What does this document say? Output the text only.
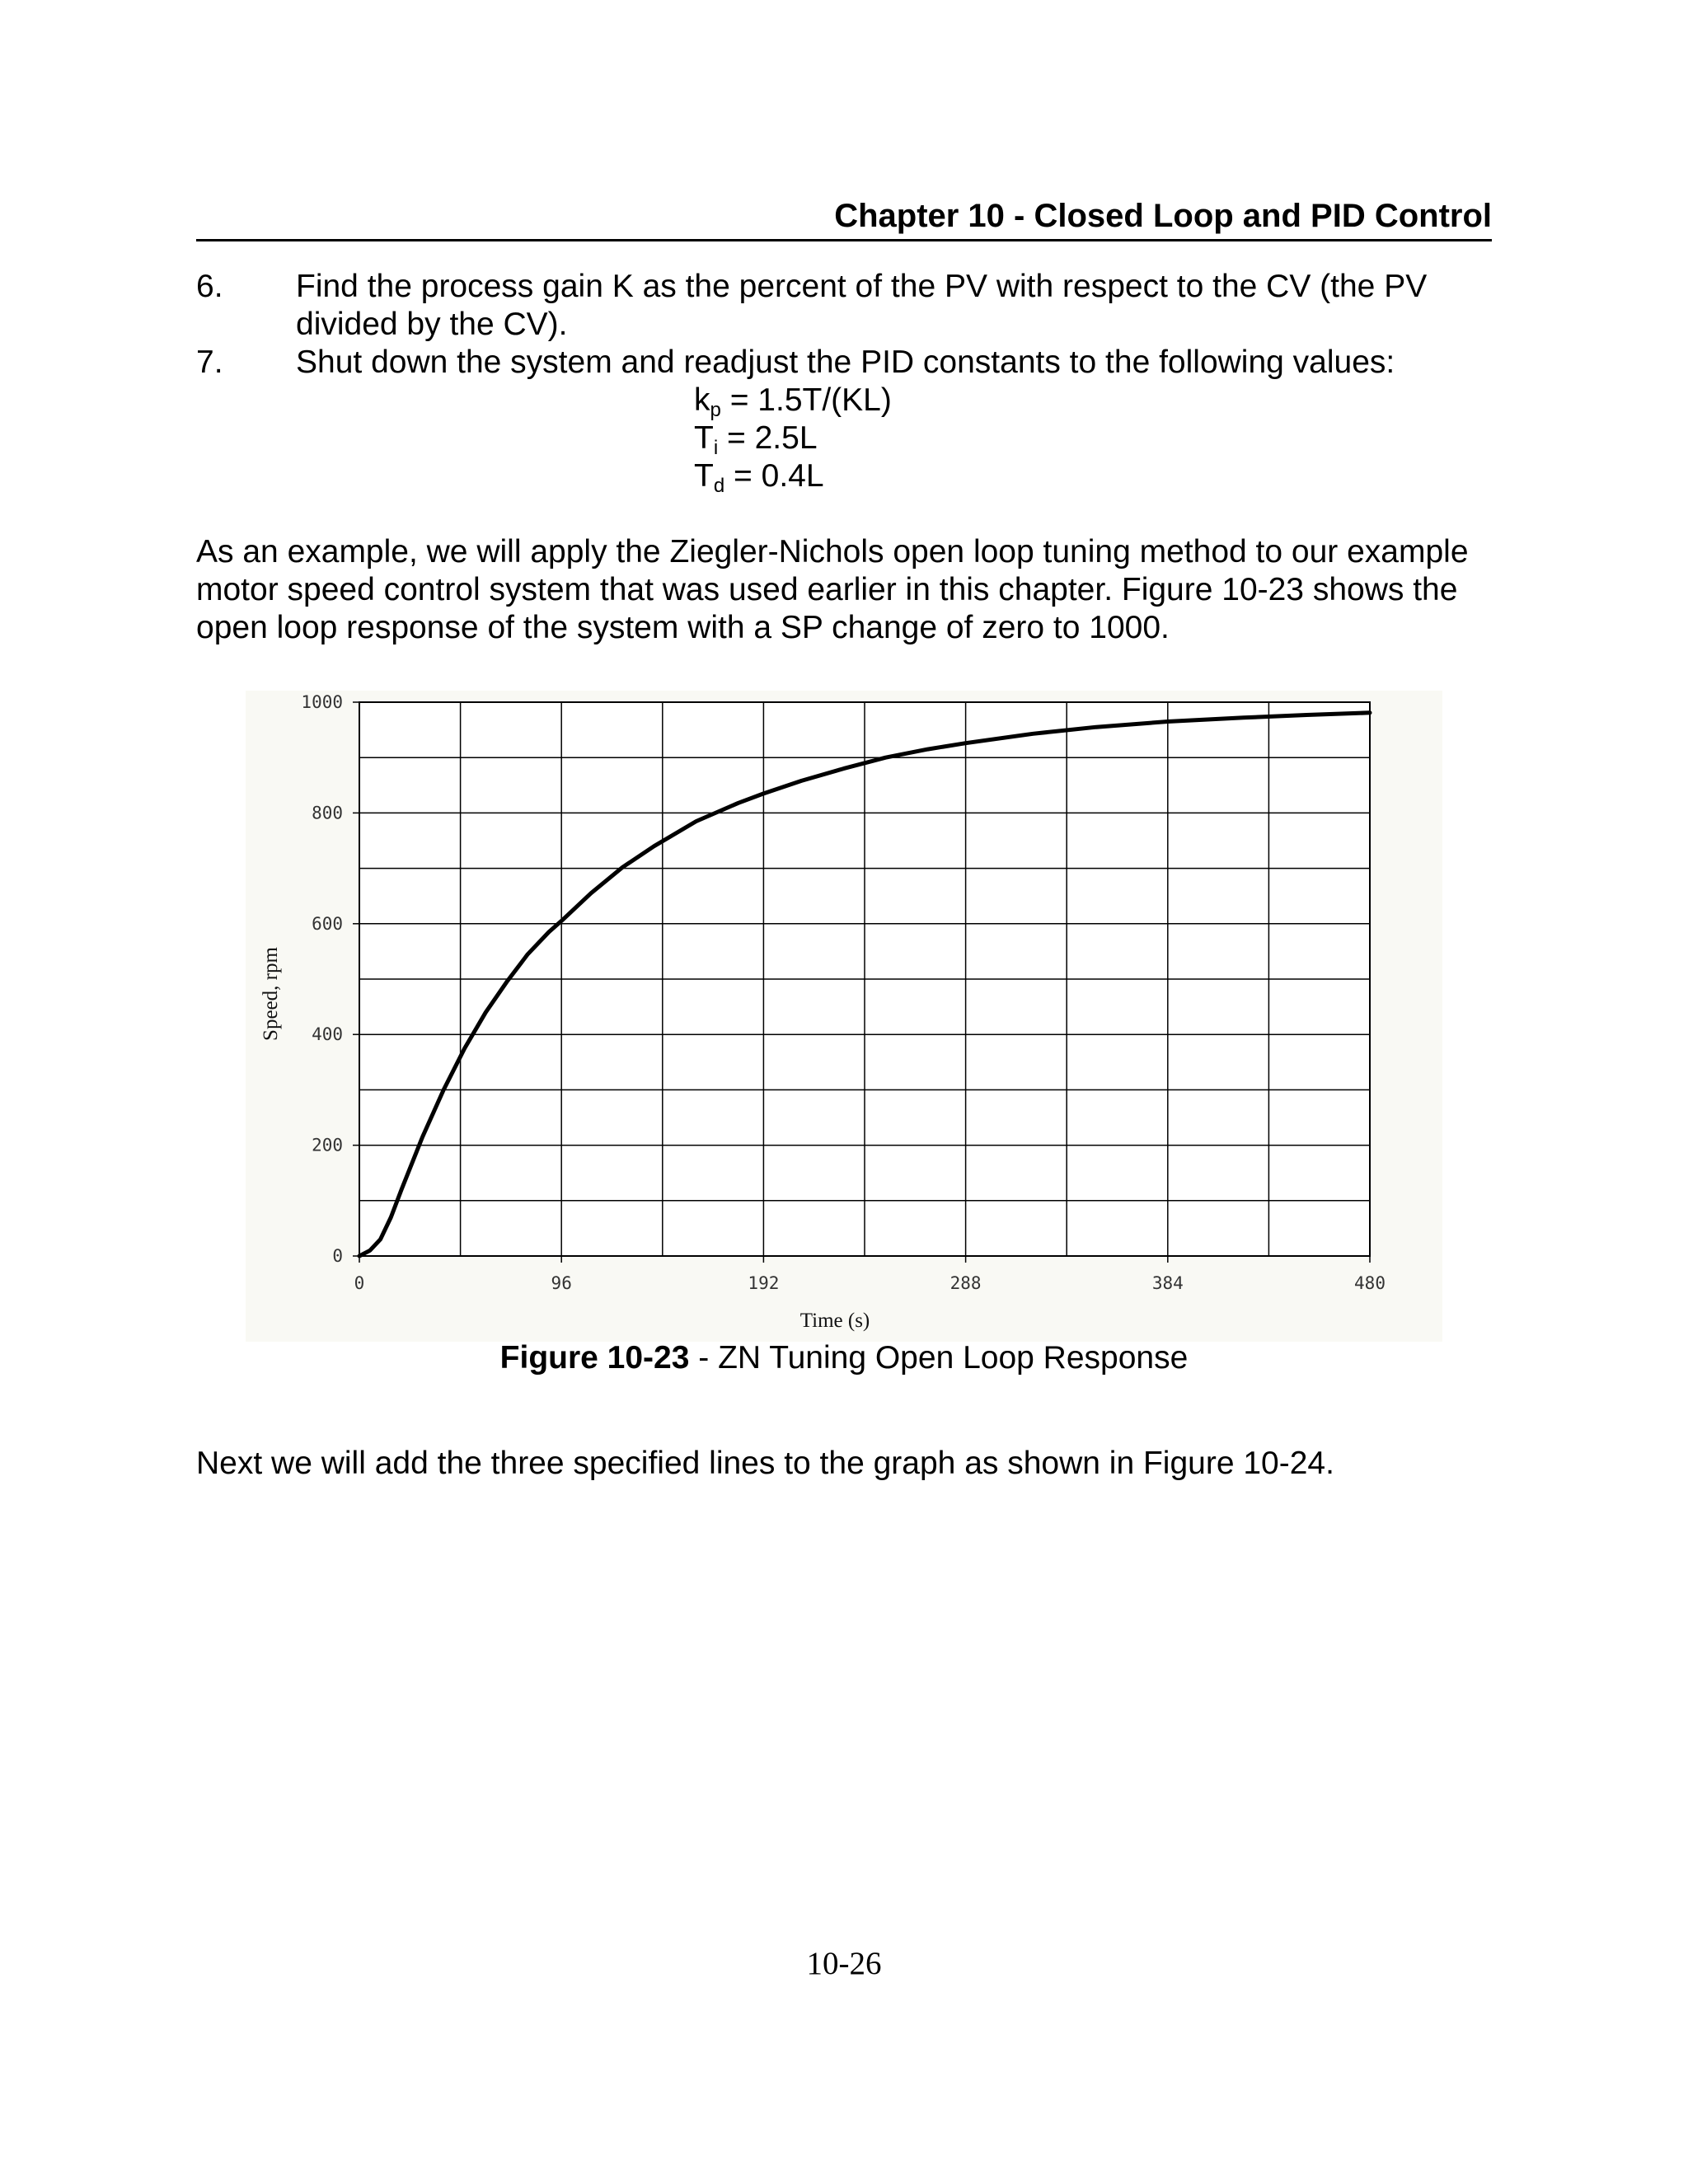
Chapter 10 - Closed Loop and PID Control
6. Find the process gain K as the percent of the PV with respect to the CV (the PV
divided by the CV).
7. Shut down the system and readjust the PID constants to the following values:
$k_p = 1.5T/(KL)$
$T_i = 2.5L$
$T_d = 0.4L$
As an example, we will apply the Ziegler-Nichols open loop tuning method to our example
motor speed control system that was used earlier in this chapter. Figure 10-23 shows the
open loop response of the system with a SP change of zero to 1000.
0	96	192	288	384	480
0
200
400
600
800
1000
Time (s)
Speed, rpm
Figure 10-23 - ZN Tuning Open Loop Response
Next we will add the three specified lines to the graph as shown in Figure 10-24.
10-26
